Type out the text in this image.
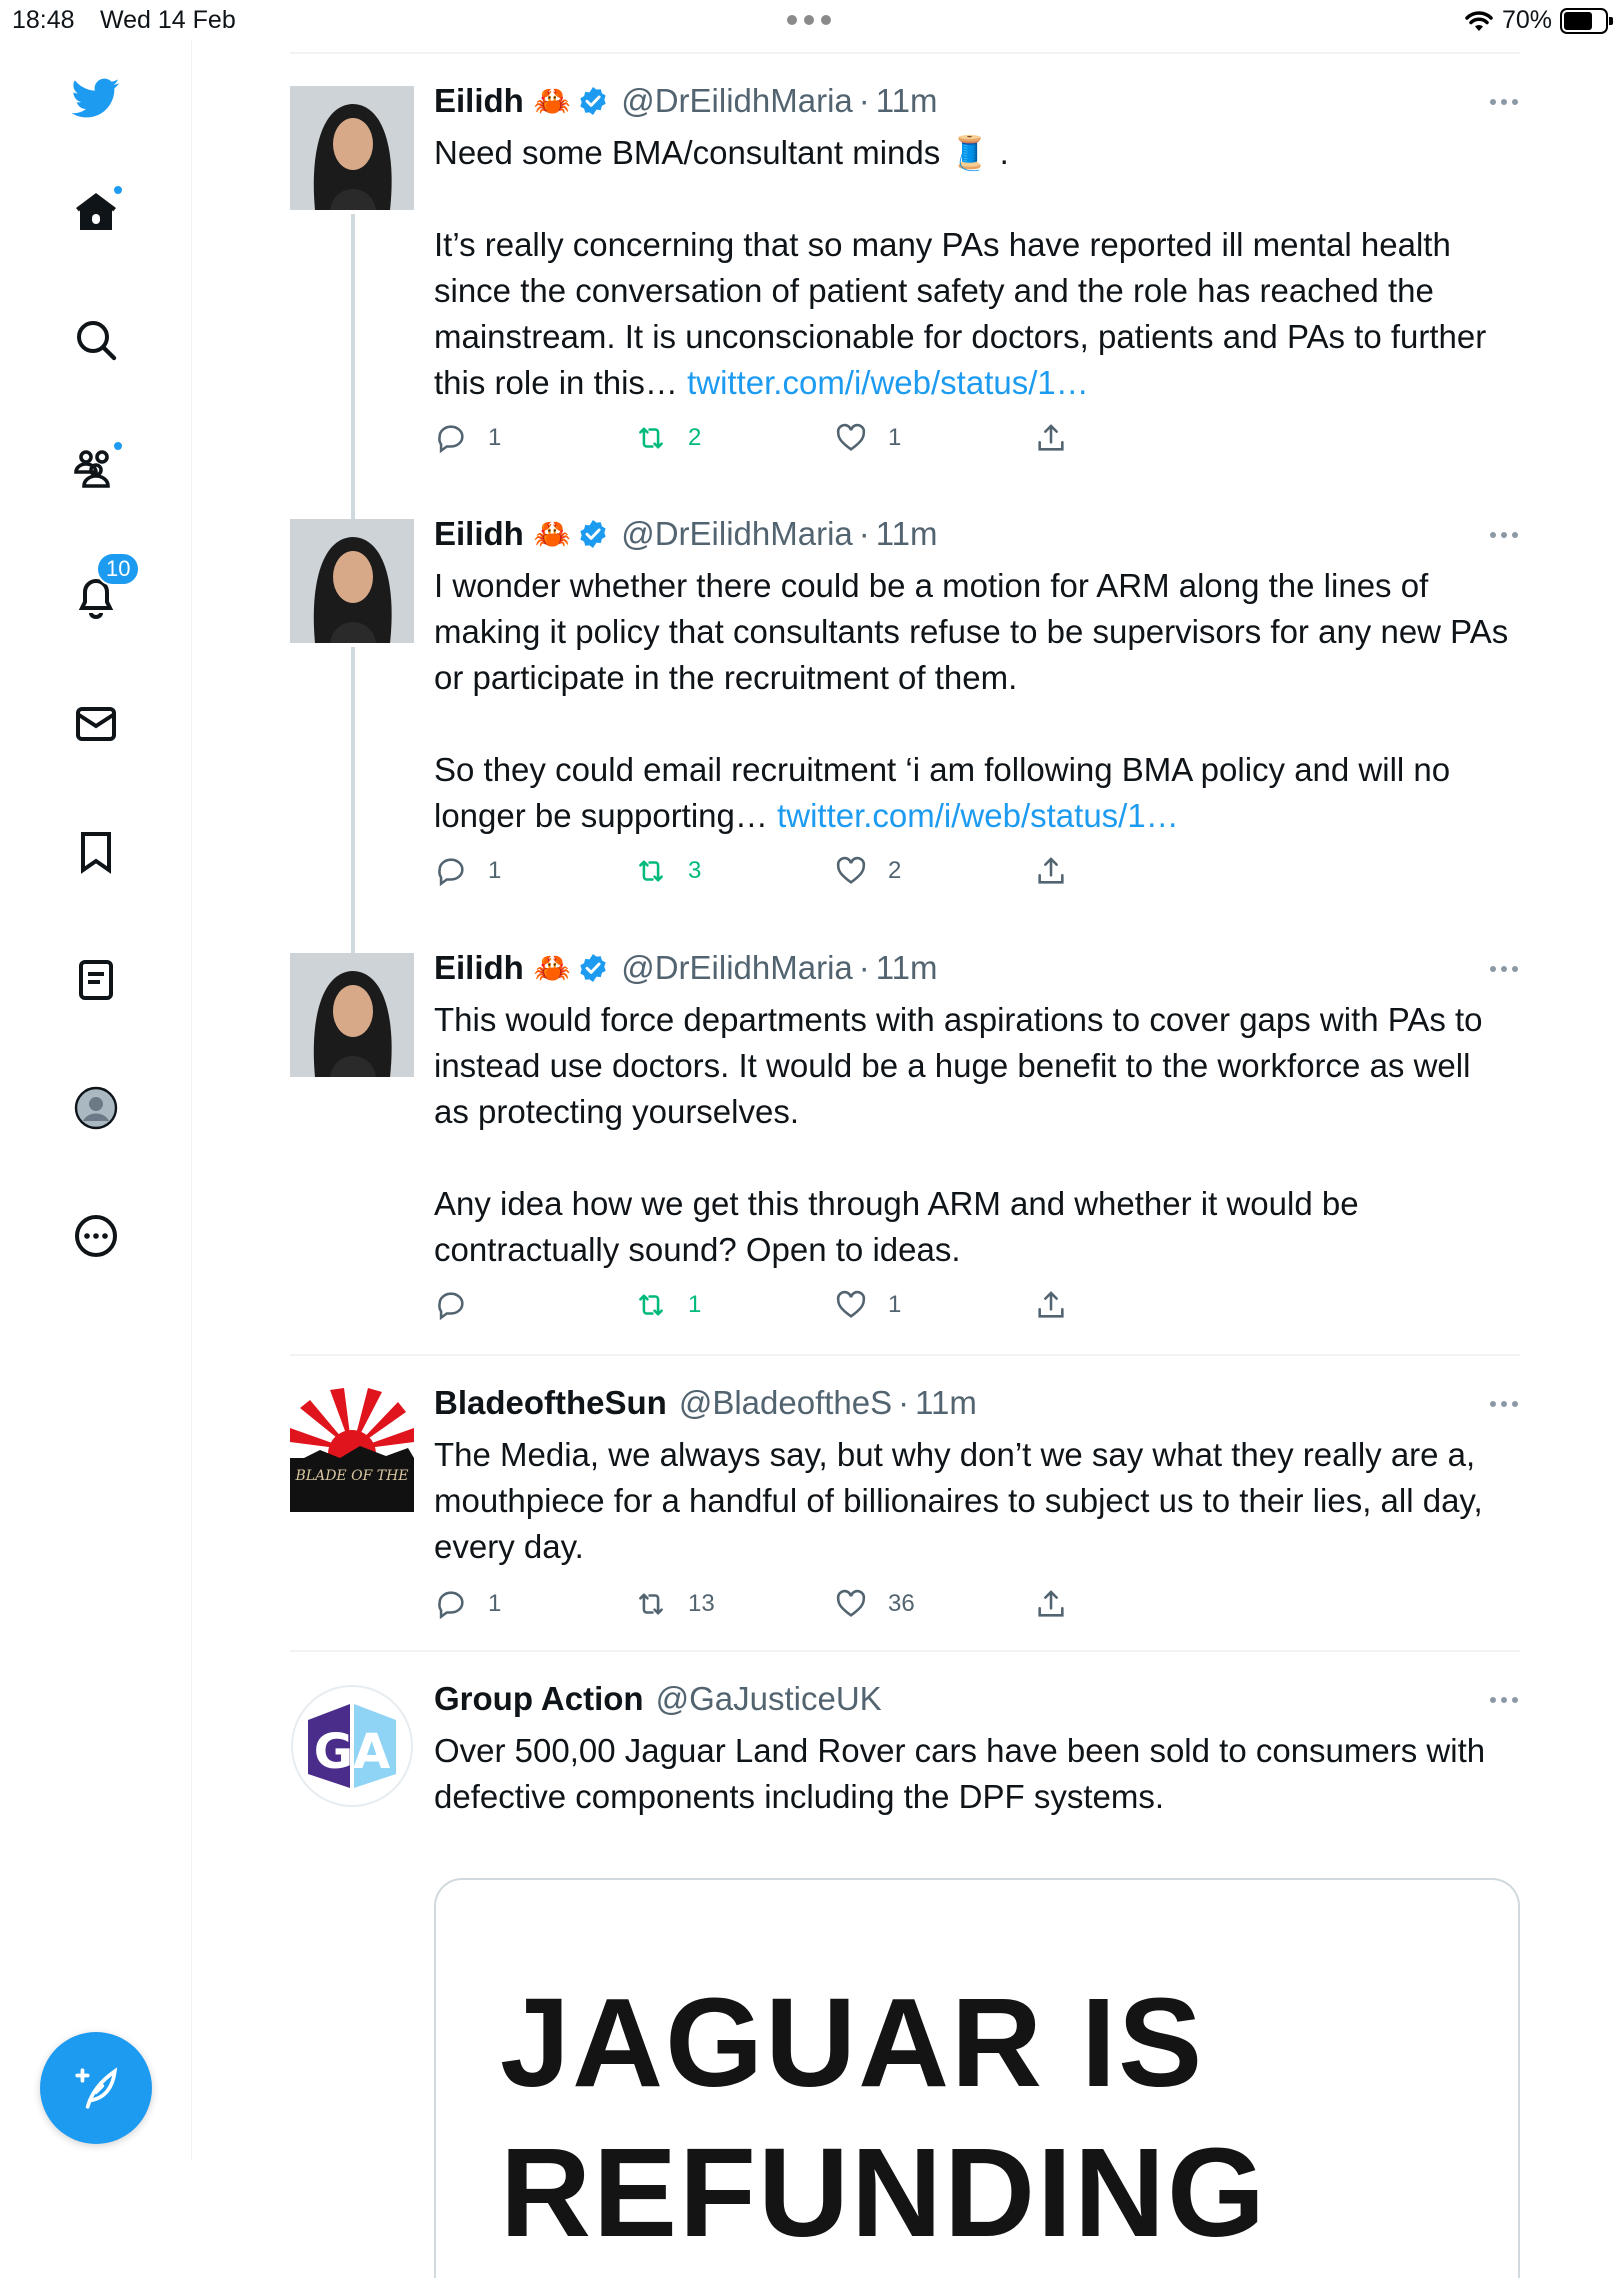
18:48 Wed 14 Feb	70%
10
Eilidh 🦀 @DrEilidhMaria · 11m

Need some BMA/consultant minds 🧵 .

It’s really concerning that so many PAs have reported ill mental health since the conversation of patient safety and the role has reached the mainstream. It is unconscionable for doctors, patients and PAs to further this role in this… twitter.com/i/web/status/1…

1	2	1
Eilidh 🦀 @DrEilidhMaria · 11m

I wonder whether there could be a motion for ARM along the lines of making it policy that consultants refuse to be supervisors for any new PAs or participate in the recruitment of them.

So they could email recruitment ‘i am following BMA policy and will no longer be supporting… twitter.com/i/web/status/1…

1	3	2
Eilidh 🦀 @DrEilidhMaria · 11m

This would force departments with aspirations to cover gaps with PAs to instead use doctors. It would be a huge benefit to the workforce as well as protecting yourselves.

Any idea how we get this through ARM and whether it would be contractually sound? Open to ideas.

1	1
BLADE OF THE
BladeoftheSun @BladeoftheS · 11m

The Media, we always say, but why don’t we say what they really are a, mouthpiece for a handful of billionaires to subject us to their lies, all day, every day.

1	13	36
GA
Group Action @GaJusticeUK

Over 500,00 Jaguar Land Rover cars have been sold to consumers with defective components including the DPF systems.

JAGUAR IS
REFUNDING
